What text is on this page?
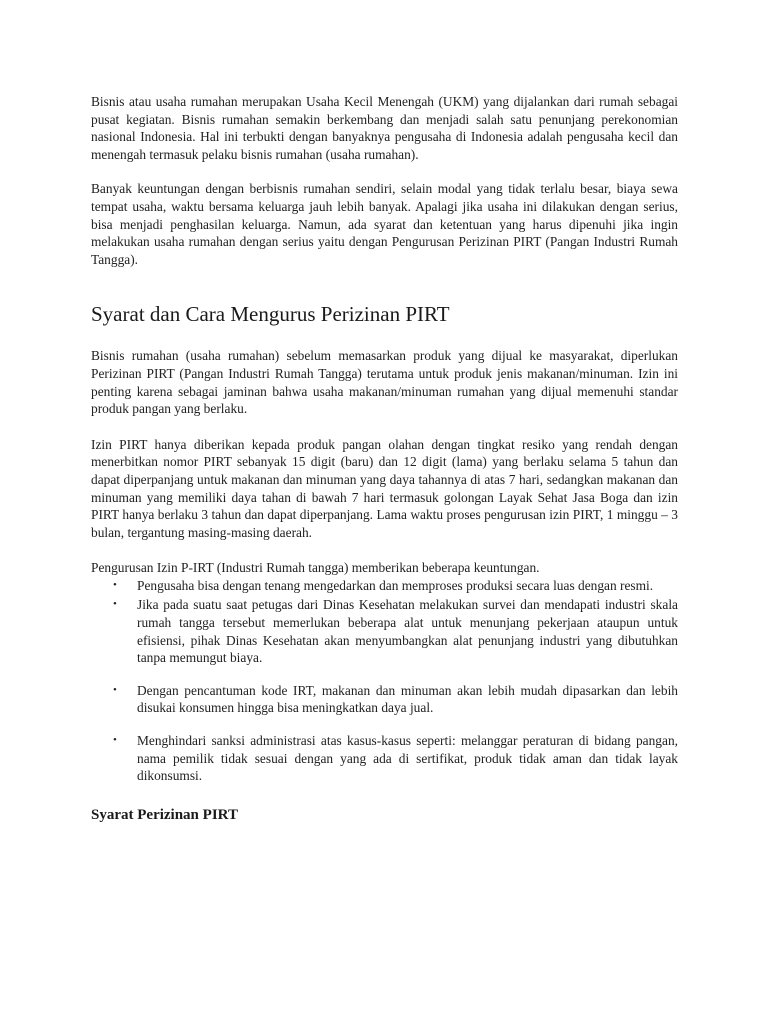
Bisnis atau usaha rumahan merupakan Usaha Kecil Menengah (UKM) yang dijalankan dari rumah sebagai pusat kegiatan. Bisnis rumahan semakin berkembang dan menjadi salah satu penunjang perekonomian nasional Indonesia. Hal ini terbukti dengan banyaknya pengusaha di Indonesia adalah pengusaha kecil dan menengah termasuk pelaku bisnis rumahan (usaha rumahan).

Banyak keuntungan dengan berbisnis rumahan sendiri, selain modal yang tidak terlalu besar, biaya sewa tempat usaha, waktu bersama keluarga jauh lebih banyak. Apalagi jika usaha ini dilakukan dengan serius, bisa menjadi penghasilan keluarga. Namun, ada syarat dan ketentuan yang harus dipenuhi jika ingin melakukan usaha rumahan dengan serius yaitu dengan Pengurusan Perizinan PIRT (Pangan Industri Rumah Tangga).

Syarat dan Cara Mengurus Perizinan PIRT

Bisnis rumahan (usaha rumahan) sebelum memasarkan produk yang dijual ke masyarakat, diperlukan Perizinan PIRT (Pangan Industri Rumah Tangga) terutama untuk produk jenis makanan/minuman. Izin ini penting karena sebagai jaminan bahwa usaha makanan/minuman rumahan yang dijual memenuhi standar produk pangan yang berlaku.

Izin PIRT hanya diberikan kepada produk pangan olahan dengan tingkat resiko yang rendah dengan menerbitkan nomor PIRT sebanyak 15 digit (baru) dan 12 digit (lama) yang berlaku selama 5 tahun dan dapat diperpanjang untuk makanan dan minuman yang daya tahannya di atas 7 hari, sedangkan makanan dan minuman yang memiliki daya tahan di bawah 7 hari termasuk golongan Layak Sehat Jasa Boga dan izin PIRT hanya berlaku 3 tahun dan dapat diperpanjang. Lama waktu proses pengurusan izin PIRT, 1 minggu – 3 bulan, tergantung masing-masing daerah.

Pengurusan Izin P-IRT (Industri Rumah tangga) memberikan beberapa keuntungan.

• Pengusaha bisa dengan tenang mengedarkan dan memproses produksi secara luas dengan resmi.
• Jika pada suatu saat petugas dari Dinas Kesehatan melakukan survei dan mendapati industri skala rumah tangga tersebut memerlukan beberapa alat untuk menunjang pekerjaan ataupun untuk efisiensi, pihak Dinas Kesehatan akan menyumbangkan alat penunjang industri yang dibutuhkan tanpa memungut biaya.
• Dengan pencantuman kode IRT, makanan dan minuman akan lebih mudah dipasarkan dan lebih disukai konsumen hingga bisa meningkatkan daya jual.
• Menghindari sanksi administrasi atas kasus-kasus seperti: melanggar peraturan di bidang pangan, nama pemilik tidak sesuai dengan yang ada di sertifikat, produk tidak aman dan tidak layak dikonsumsi.
Syarat Perizinan PIRT
